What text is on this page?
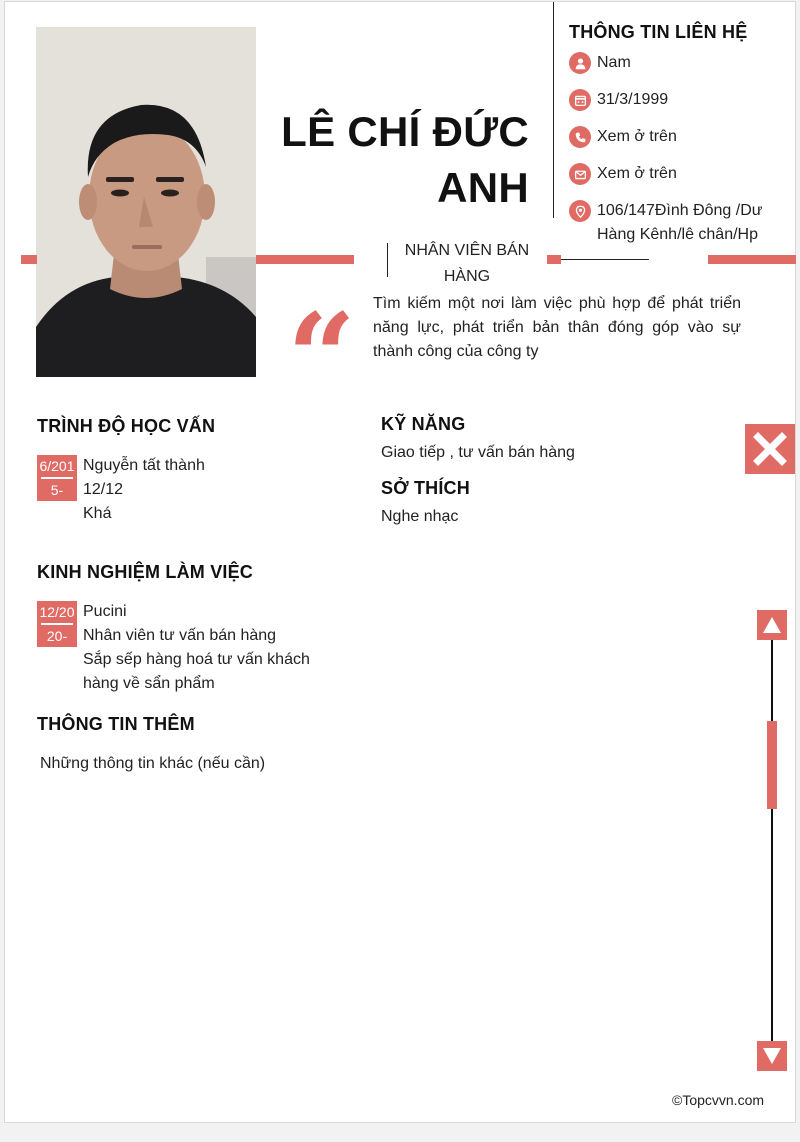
LÊ CHÍ ĐỨC
ANH
THÔNG TIN LIÊN HỆ
Nam
31/3/1999
Xem ở trên
Xem ở trên
106/147Đình Đông /Dư
Hàng Kênh/lê chân/Hp
NHÂN VIÊN BÁN
HÀNG
“ Tìm kiếm một nơi làm việc phù hợp để phát triển năng lực, phát triển bản thân đóng góp vào sự thành công của công ty
TRÌNH ĐỘ HỌC VẤN
6/201
5-
Nguyễn tất thành
12/12
Khá
KINH NGHIỆM LÀM VIỆC
12/20
20-
Pucini
Nhân viên tư vấn bán hàng
Sắp sếp hàng hoá tư vấn khách
hàng về sẩn phẩm
THÔNG TIN THÊM
Những thông tin khác (nếu cần)
KỸ NĂNG
Giao tiếp , tư vấn bán hàng
SỞ THÍCH
Nghe nhạc
©Topcvvn.com
